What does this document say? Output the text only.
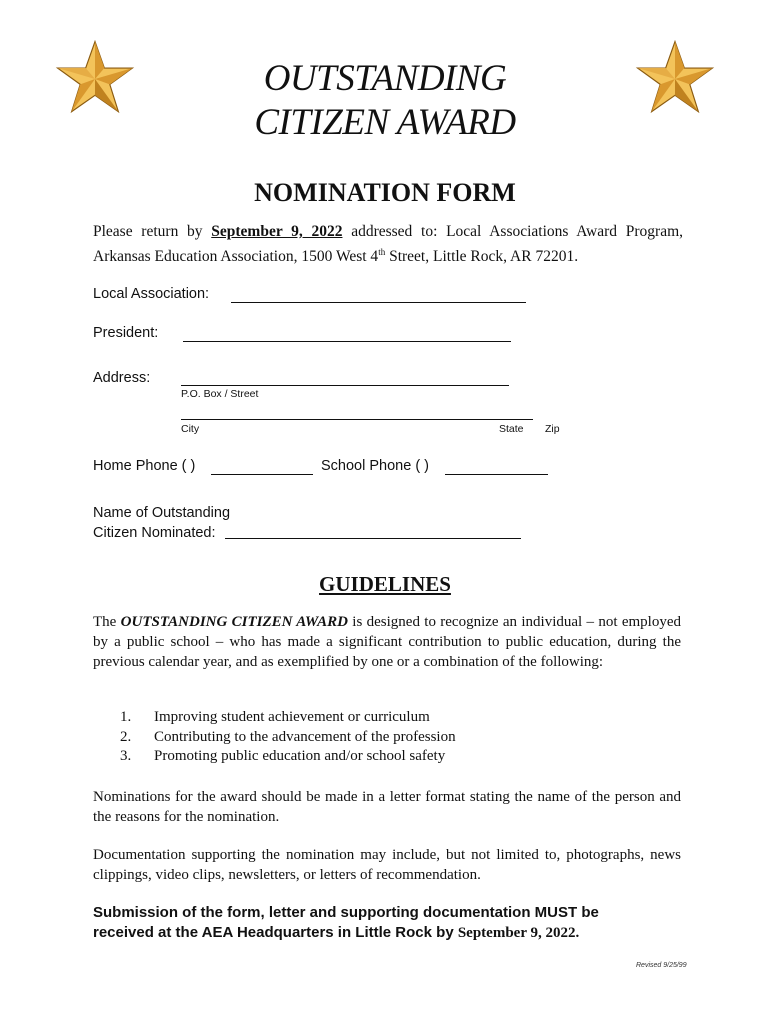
OUTSTANDING
CITIZEN AWARD
NOMINATION FORM
Please return by September 9, 2022 addressed to: Local Associations Award Program, Arkansas Education Association, 1500 West 4th Street, Little Rock, AR 72201.
Local Association:
President:
Address:
P.O. Box / Street
City	State Zip
Home Phone ( )	School Phone ( )
Name of Outstanding
Citizen Nominated:
GUIDELINES
The OUTSTANDING CITIZEN AWARD is designed to recognize an individual – not employed by a public school – who has made a significant contribution to public education, during the previous calendar year, and as exemplified by one or a combination of the following:
1.	Improving student achievement or curriculum
2.	Contributing to the advancement of the profession
3.	Promoting public education and/or school safety
Nominations for the award should be made in a letter format stating the name of the person and the reasons for the nomination.
Documentation supporting the nomination may include, but not limited to, photographs, news clippings, video clips, newsletters, or letters of recommendation.
Submission of the form, letter and supporting documentation MUST be received at the AEA Headquarters in Little Rock by September 9, 2022.
Revised 9/25/99
